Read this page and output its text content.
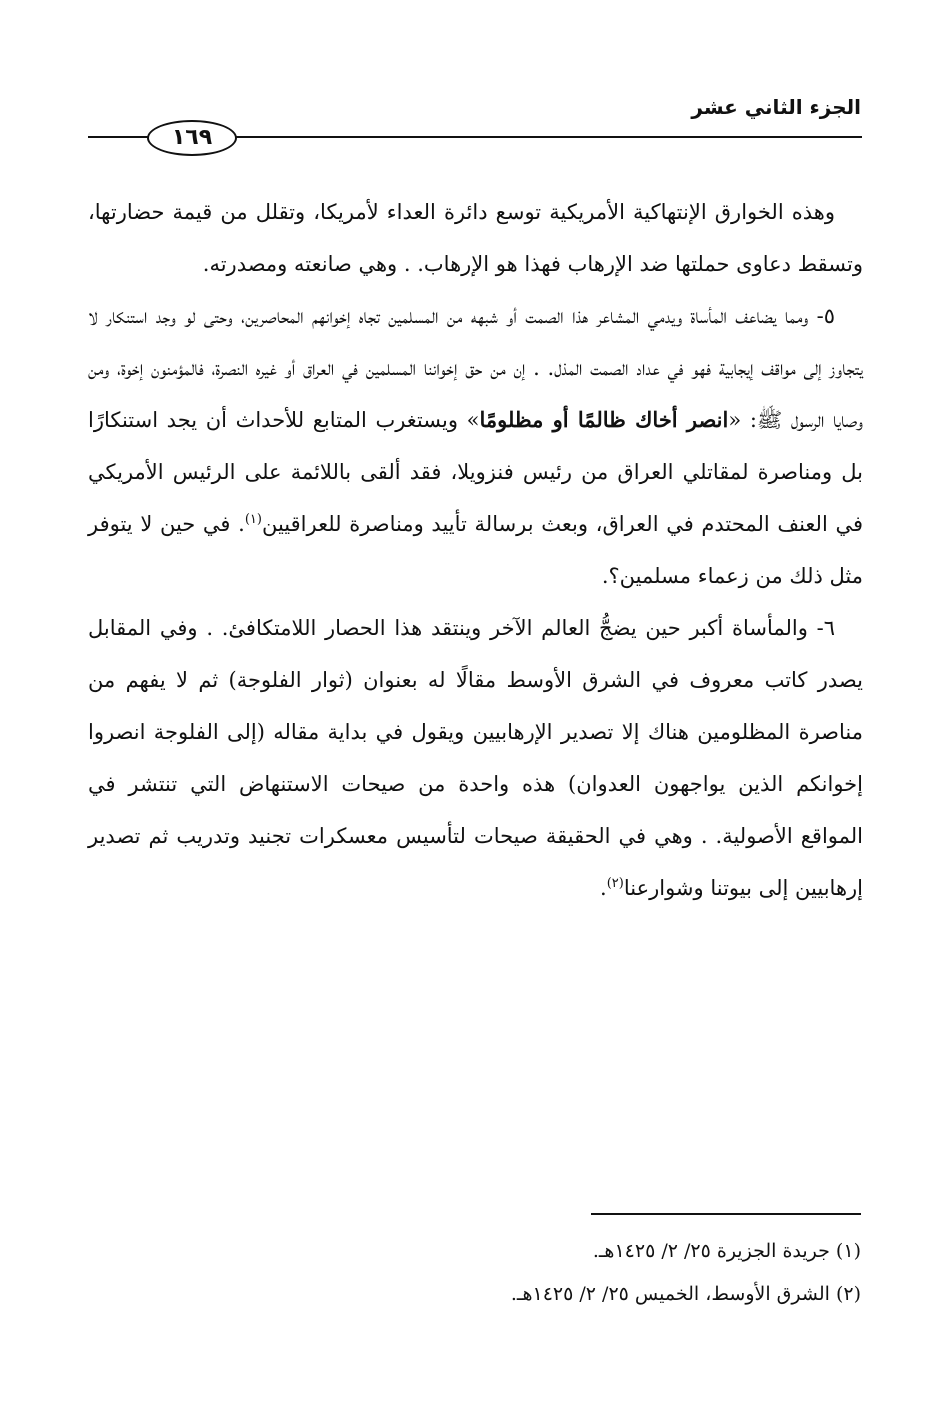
الجزء الثاني عشر
١٦٩

وهذه الخوارق الإنتهاكية الأمريكية توسع دائرة العداء لأمريكا، وتقلل من قيمة حضارتها، وتسقط دعاوى حملتها ضد الإرهاب فهذا هو الإرهاب. . وهي صانعته ومصدرته.

٥- ومما يضاعف المأساة ويدمي المشاعر هذا الصمت أو شبهه من المسلمين تجاه إخوانهم المحاصرين، وحتى لو وجد استنكار لا يتجاوز إلى مواقف إيجابية فهو في عداد الصمت المذل. . إن من حق إخواننا المسلمين في العراق أو غيره النصرة، فالمؤمنون إخوة، ومن وصايا الرسول ﷺ: «انصر أخاك ظالمًا أو مظلومًا» ويستغرب المتابع للأحداث أن يجد استنكارًا بل ومناصرة لمقاتلي العراق من رئيس فنزويلا، فقد ألقى باللائمة على الرئيس الأمريكي في العنف المحتدم في العراق، وبعث برسالة تأييد ومناصرة للعراقيين$^{(١)}$. في حين لا يتوفر مثل ذلك من زعماء مسلمين؟.

٦- والمأساة أكبر حين يضجُّ العالم الآخر وينتقد هذا الحصار اللامتكافئ. . وفي المقابل يصدر كاتب معروف في الشرق الأوسط مقالًا له بعنوان (ثوار الفلوجة) ثم لا يفهم من مناصرة المظلومين هناك إلا تصدير الإرهابيين ويقول في بداية مقاله (إلى الفلوجة انصروا إخوانكم الذين يواجهون العدوان) هذه واحدة من صيحات الاستنهاض التي تنتشر في المواقع الأصولية. . وهي في الحقيقة صيحات لتأسيس معسكرات تجنيد وتدريب ثم تصدير إرهابيين إلى بيوتنا وشوارعنا$^{(٢)}$.

(١) جريدة الجزيرة ٢٥/ ٢/ ١٤٢٥هـ.

(٢) الشرق الأوسط، الخميس ٢٥/ ٢/ ١٤٢٥هـ.
